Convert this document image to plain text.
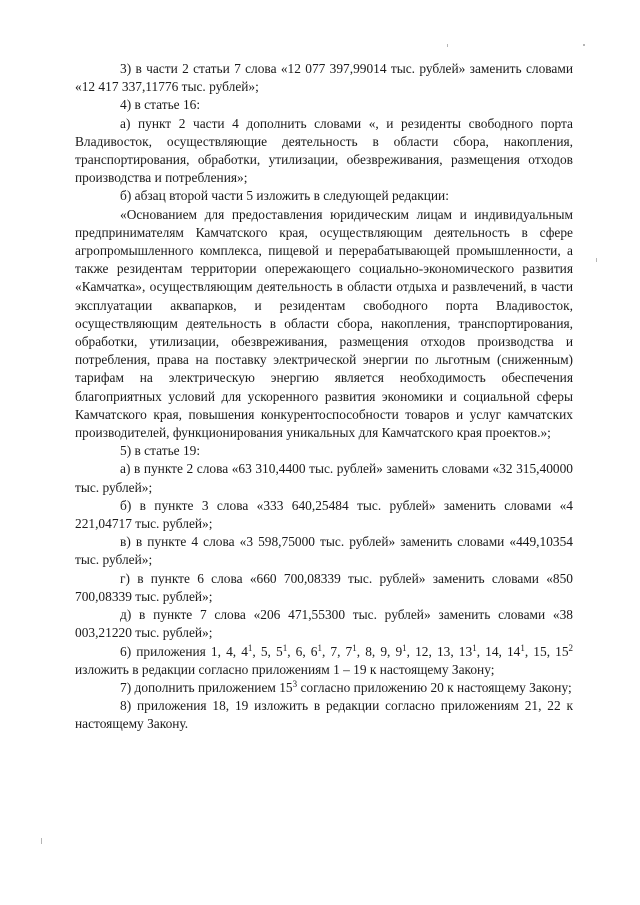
3) в части 2 статьи 7 слова «12 077 397,99014 тыс. рублей» заменить словами «12 417 337,11776 тыс. рублей»;

4) в статье 16:

а) пункт 2 части 4 дополнить словами «, и резиденты свободного порта Владивосток, осуществляющие деятельность в области сбора, накопления, транспортирования, обработки, утилизации, обезвреживания, размещения отходов производства и потребления»;

б) абзац второй части 5 изложить в следующей редакции:

«Основанием для предоставления юридическим лицам и индивидуальным предпринимателям Камчатского края, осуществляющим деятельность в сфере агропромышленного комплекса, пищевой и перерабатывающей промышленности, а также резидентам территории опережающего социально-экономического развития «Камчатка», осуществляющим деятельность в области отдыха и развлечений, в части эксплуатации аквапарков, и резидентам свободного порта Владивосток, осуществляющим деятельность в области сбора, накопления, транспортирования, обработки, утилизации, обезвреживания, размещения отходов производства и потребления, права на поставку электрической энергии по льготным (сниженным) тарифам на электрическую энергию является необходимость обеспечения благоприятных условий для ускоренного развития экономики и социальной сферы Камчатского края, повышения конкурентоспособности товаров и услуг камчатских производителей, функционирования уникальных для Камчатского края проектов.»;

5) в статье 19:

а) в пункте 2 слова «63 310,4400 тыс. рублей» заменить словами «32 315,40000 тыс. рублей»;

б) в пункте 3 слова «333 640,25484 тыс. рублей» заменить словами «4 221,04717 тыс. рублей»;

в) в пункте 4 слова «3 598,75000 тыс. рублей» заменить словами «449,10354 тыс. рублей»;

г) в пункте 6 слова «660 700,08339 тыс. рублей» заменить словами «850 700,08339 тыс. рублей»;

д) в пункте 7 слова «206 471,55300 тыс. рублей» заменить словами «38 003,21220 тыс. рублей»;

6) приложения 1, 4, $4^1$, 5, $5^1$, 6, $6^1$, 7, $7^1$, 8, 9, $9^1$, 12, 13, $13^1$, 14, $14^1$, 15, $15^2$ изложить в редакции согласно приложениям 1 – 19 к настоящему Закону;

7) дополнить приложением $15^3$ согласно приложению 20 к настоящему Закону;

8) приложения 18, 19 изложить в редакции согласно приложениям 21, 22 к настоящему Закону.
